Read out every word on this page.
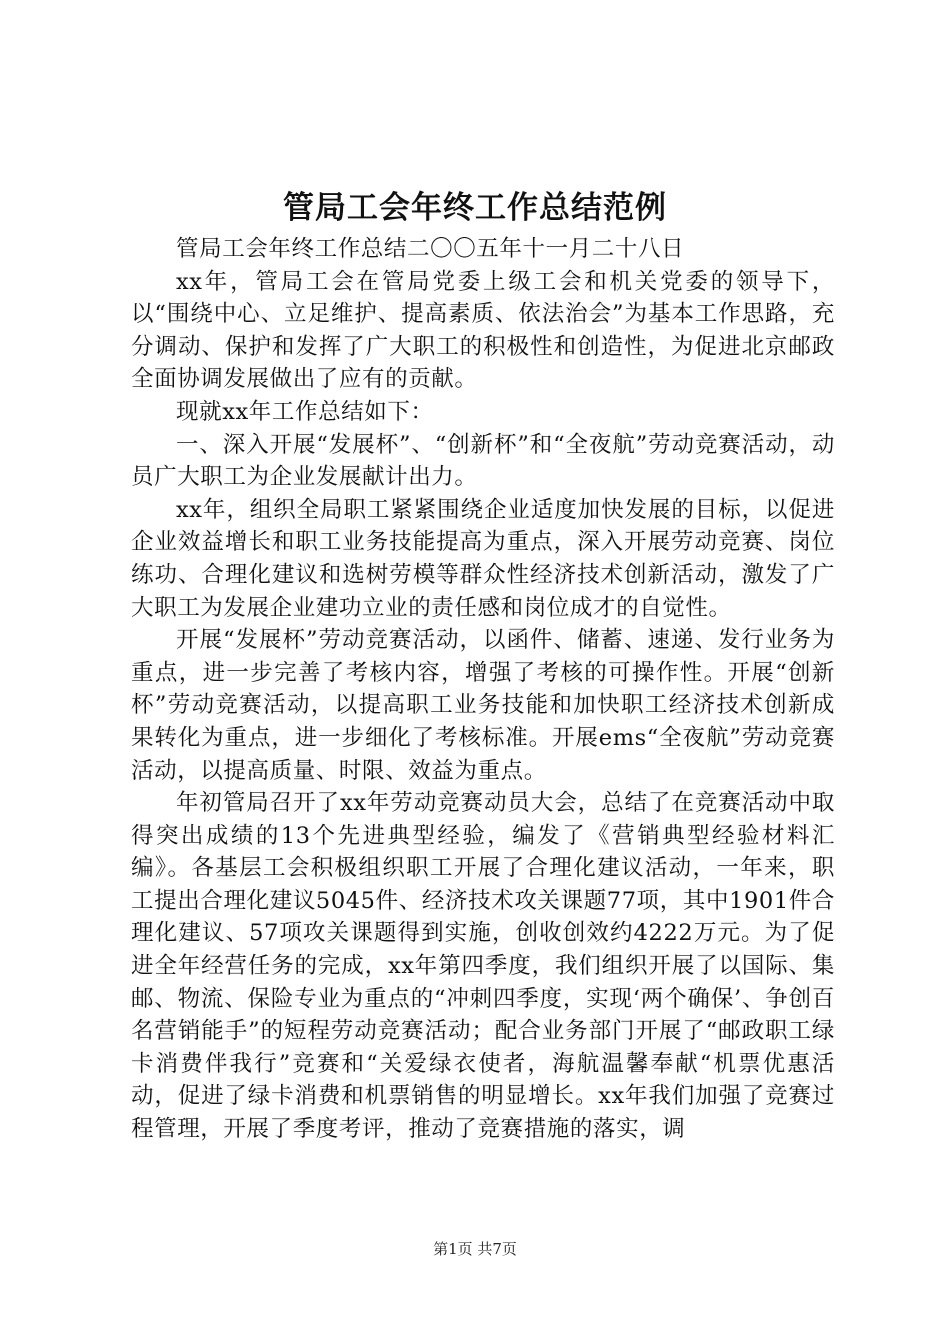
管局工会年终工作总结范例

管局工会年终工作总结二〇〇五年十一月二十八日

xx年，管局工会在管局党委上级工会和机关党委的领导下，以“围绕中心、立足维护、提高素质、依法治会”为基本工作思路，充分调动、保护和发挥了广大职工的积极性和创造性，为促进北京邮政全面协调发展做出了应有的贡献。

现就xx年工作总结如下：

一、深入开展“发展杯”、“创新杯”和“全夜航”劳动竞赛活动，动员广大职工为企业发展献计出力。

xx年，组织全局职工紧紧围绕企业适度加快发展的目标，以促进企业效益增长和职工业务技能提高为重点，深入开展劳动竞赛、岗位练功、合理化建议和选树劳模等群众性经济技术创新活动，激发了广大职工为发展企业建功立业的责任感和岗位成才的自觉性。

开展“发展杯”劳动竞赛活动，以函件、储蓄、速递、发行业务为重点，进一步完善了考核内容，增强了考核的可操作性。开展“创新杯”劳动竞赛活动，以提高职工业务技能和加快职工经济技术创新成果转化为重点，进一步细化了考核标准。开展ems“全夜航”劳动竞赛活动，以提高质量、时限、效益为重点。

年初管局召开了xx年劳动竞赛动员大会，总结了在竞赛活动中取得突出成绩的13个先进典型经验，编发了《营销典型经验材料汇编》。各基层工会积极组织职工开展了合理化建议活动，一年来，职工提出合理化建议5045件、经济技术攻关课题77项，其中1901件合理化建议、57项攻关课题得到实施，创收创效约4222万元。为了促进全年经营任务的完成，xx年第四季度，我们组织开展了以国际、集邮、物流、保险专业为重点的“冲刺四季度，实现‘两个确保’、争创百名营销能手”的短程劳动竞赛活动；配合业务部门开展了“邮政职工绿卡消费伴我行”竞赛和“关爱绿衣使者，海航温馨奉献“机票优惠活动，促进了绿卡消费和机票销售的明显增长。xx年我们加强了竞赛过程管理，开展了季度考评，推动了竞赛措施的落实，调

第1页 共7页
